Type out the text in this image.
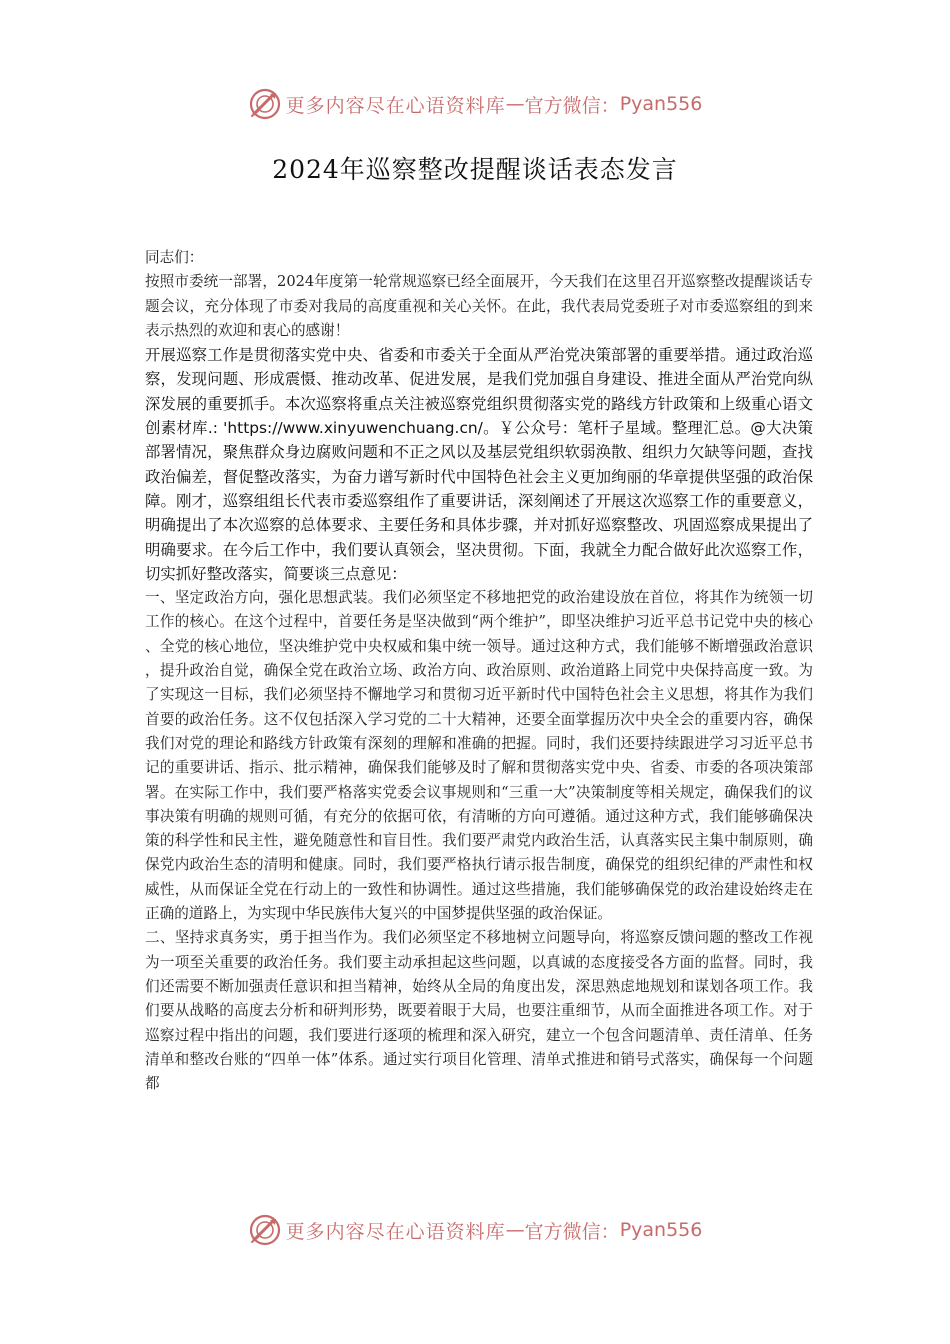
更多内容尽在心语资料库 — 官方微信： Pyan556
2024年巡察整改提醒谈话表态发言

同志们：

按照市委统一部署，2024年度第一轮常规巡察已经全面展开，今天我们在这里召开巡察整改提醒谈话专题会议，充分体现了市委对我局的高度重视和关心关怀。在此，我代表局党委班子对市委巡察组的到来表示热烈的欢迎和衷心的感谢！

开展巡察工作是贯彻落实党中央、省委和市委关于全面从严治党决策部署的重要举措。通过政治巡察，发现问题、形成震慑、推动改革、促进发展，是我们党加强自身建设、推进全面从严治党向纵深发展的重要抓手。本次巡察将重点关注被巡察党组织贯彻落实党的路线方针政策和上级重心语文创素材库.: 'https://www.xinyuwenchuang.cn/。￥公众号：笔杆子星域。整理汇总。@大决策部署情况，聚焦群众身边腐败问题和不正之风以及基层党组织软弱涣散、组织力欠缺等问题，查找政治偏差，督促整改落实，为奋力谱写新时代中国特色社会主义更加绚丽的华章提供坚强的政治保障。刚才，巡察组组长代表市委巡察组作了重要讲话，深刻阐述了开展这次巡察工作的重要意义，明确提出了本次巡察的总体要求、主要任务和具体步骤，并对抓好巡察整改、巩固巡察成果提出了明确要求。在今后工作中，我们要认真领会，坚决贯彻。下面，我就全力配合做好此次巡察工作，切实抓好整改落实，简要谈三点意见：

一、坚定政治方向，强化思想武装。我们必须坚定不移地把党的政治建设放在首位，将其作为统领一切工作的核心。在这个过程中，首要任务是坚决做到“两个维护”，即坚决维护习近平总书记党中央的核心、全党的核心地位，坚决维护党中央权威和集中统一领导。通过这种方式，我们能够不断增强政治意识，提升政治自觉，确保全党在政治立场、政治方向、政治原则、政治道路上同党中央保持高度一致。为了实现这一目标，我们必须坚持不懈地学习和贯彻习近平新时代中国特色社会主义思想，将其作为我们首要的政治任务。这不仅包括深入学习党的二十大精神，还要全面掌握历次中央全会的重要内容，确保我们对党的理论和路线方针政策有深刻的理解和准确的把握。同时，我们还要持续跟进学习习近平总书记的重要讲话、指示、批示精神，确保我们能够及时了解和贯彻落实党中央、省委、市委的各项决策部署。在实际工作中，我们要严格落实党委会议事规则和“三重一大”决策制度等相关规定，确保我们的议事决策有明确的规则可循，有充分的依据可依，有清晰的方向可遵循。通过这种方式，我们能够确保决策的科学性和民主性，避免随意性和盲目性。我们要严肃党内政治生活，认真落实民主集中制原则，确保党内政治生态的清明和健康。同时，我们要严格执行请示报告制度，确保党的组织纪律的严肃性和权威性，从而保证全党在行动上的一致性和协调性。通过这些措施，我们能够确保党的政治建设始终走在正确的道路上，为实现中华民族伟大复兴的中国梦提供坚强的政治保证。

二、坚持求真务实，勇于担当作为。我们必须坚定不移地树立问题导向，将巡察反馈问题的整改工作视为一项至关重要的政治任务。我们要主动承担起这些问题，以真诚的态度接受各方面的监督。同时，我们还需要不断加强责任意识和担当精神，始终从全局的角度出发，深思熟虑地规划和谋划各项工作。我们要从战略的高度去分析和研判形势，既要着眼于大局，也要注重细节，从而全面推进各项工作。对于巡察过程中指出的问题，我们要进行逐项的梳理和深入研究，建立一个包含问题清单、责任清单、任务清单和整改台账的“四单一体”体系。通过实行项目化管理、清单式推进和销号式落实，确保每一个问题都

更多内容尽在心语资料库 — 官方微信： Pyan556
